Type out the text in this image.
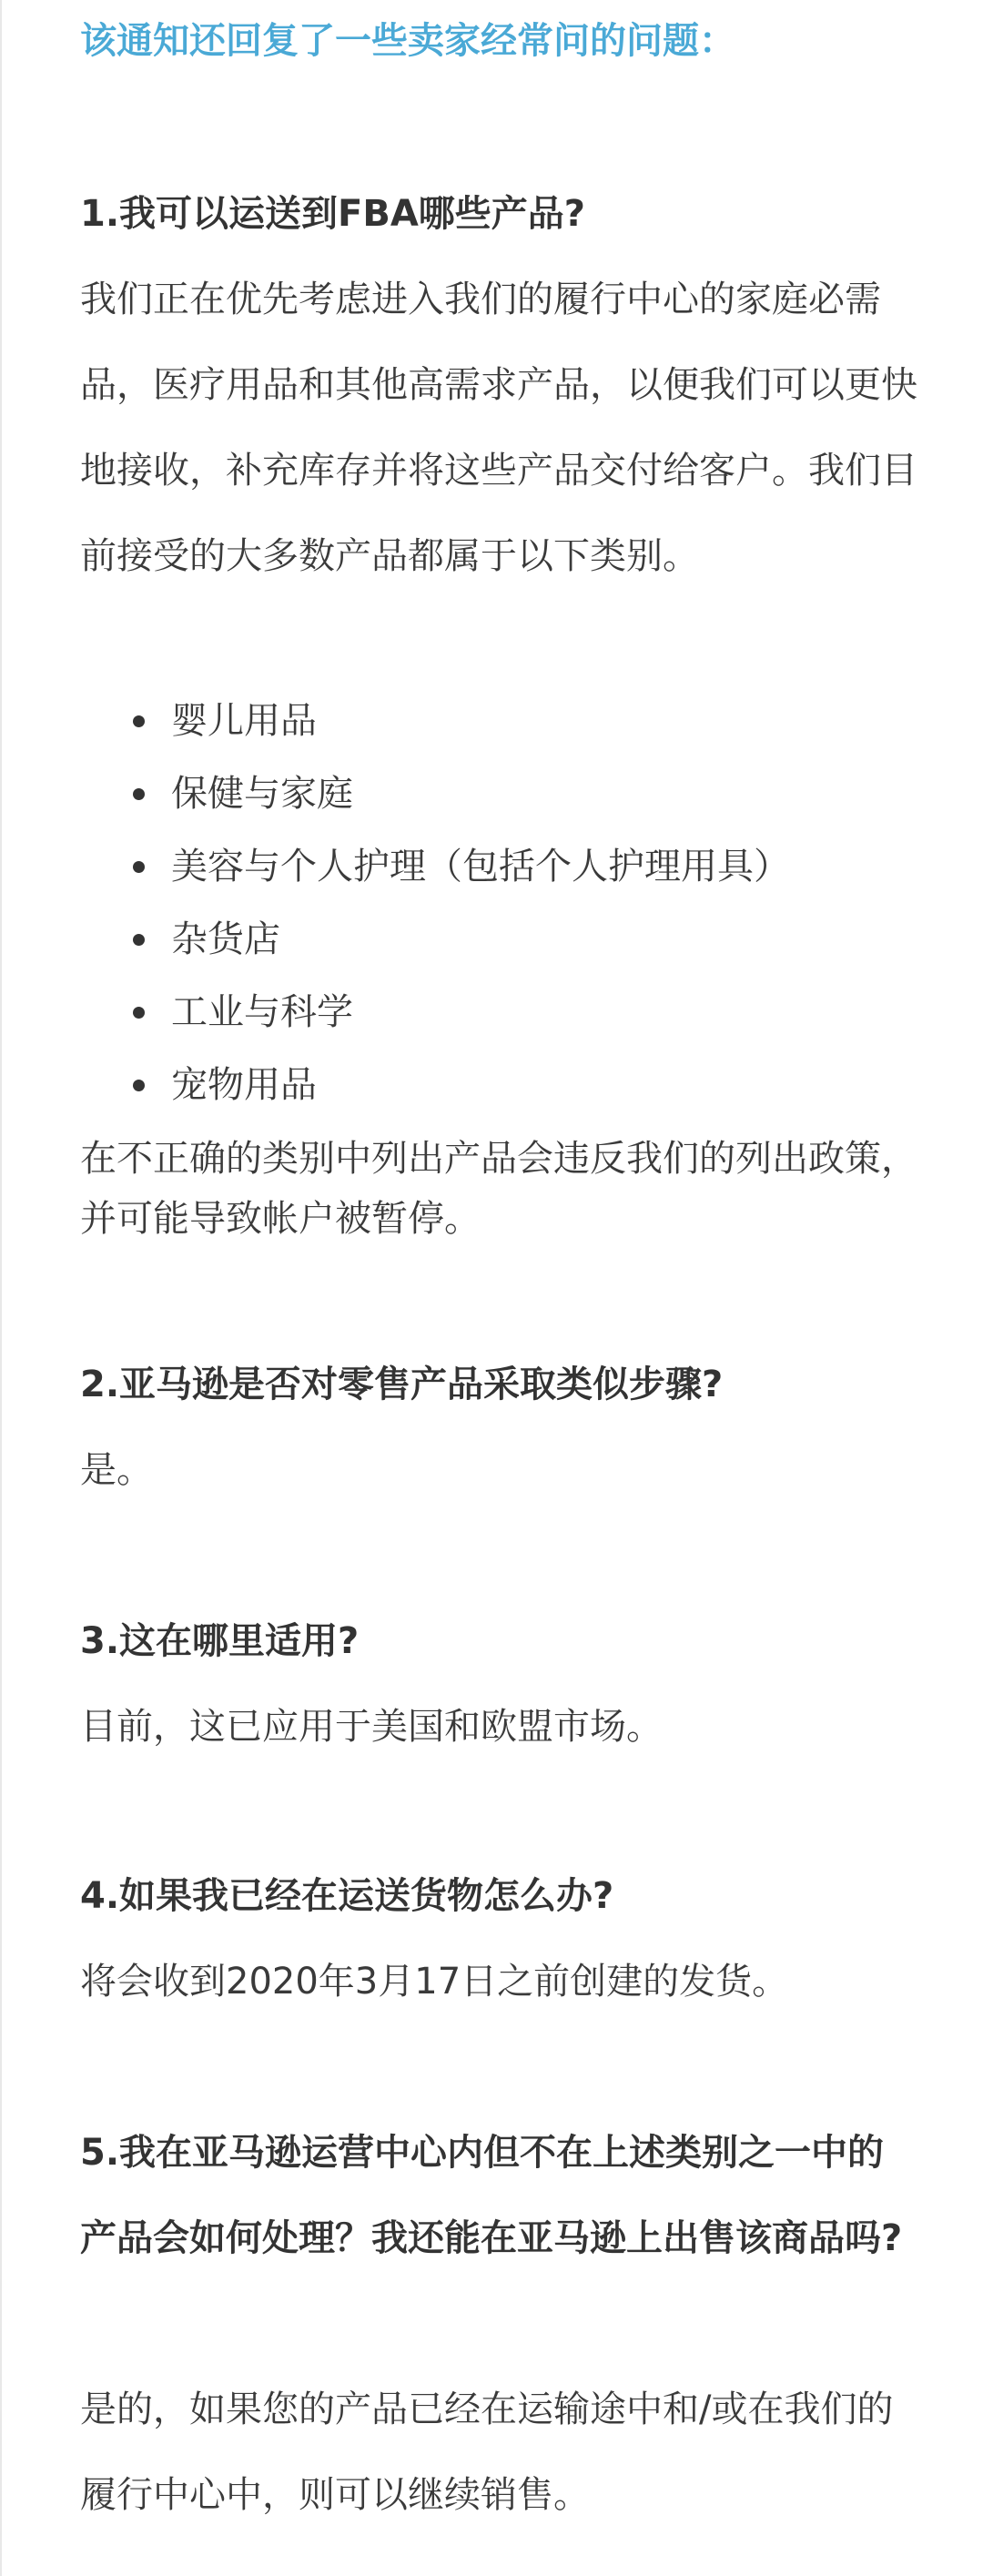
该通知还回复了一些卖家经常问的问题：

1.我可以运送到FBA哪些产品?

我们正在优先考虑进入我们的履行中心的家庭必需品，医疗用品和其他高需求产品，以便我们可以更快地接收，补充库存并将这些产品交付给客户。我们目前接受的大多数产品都属于以下类别。

婴儿用品
保健与家庭
美容与个人护理（包括个人护理用具）
杂货店
工业与科学
宠物用品

在不正确的类别中列出产品会违反我们的列出政策，并可能导致帐户被暂停。

2.亚马逊是否对零售产品采取类似步骤?

是。

3.这在哪里适用?

目前，这已应用于美国和欧盟市场。

4.如果我已经在运送货物怎么办?

将会收到2020年3月17日之前创建的发货。

5.我在亚马逊运营中心内但不在上述类别之一中的产品会如何处理？我还能在亚马逊上出售该商品吗?

是的，如果您的产品已经在运输途中和/或在我们的履行中心中，则可以继续销售。
